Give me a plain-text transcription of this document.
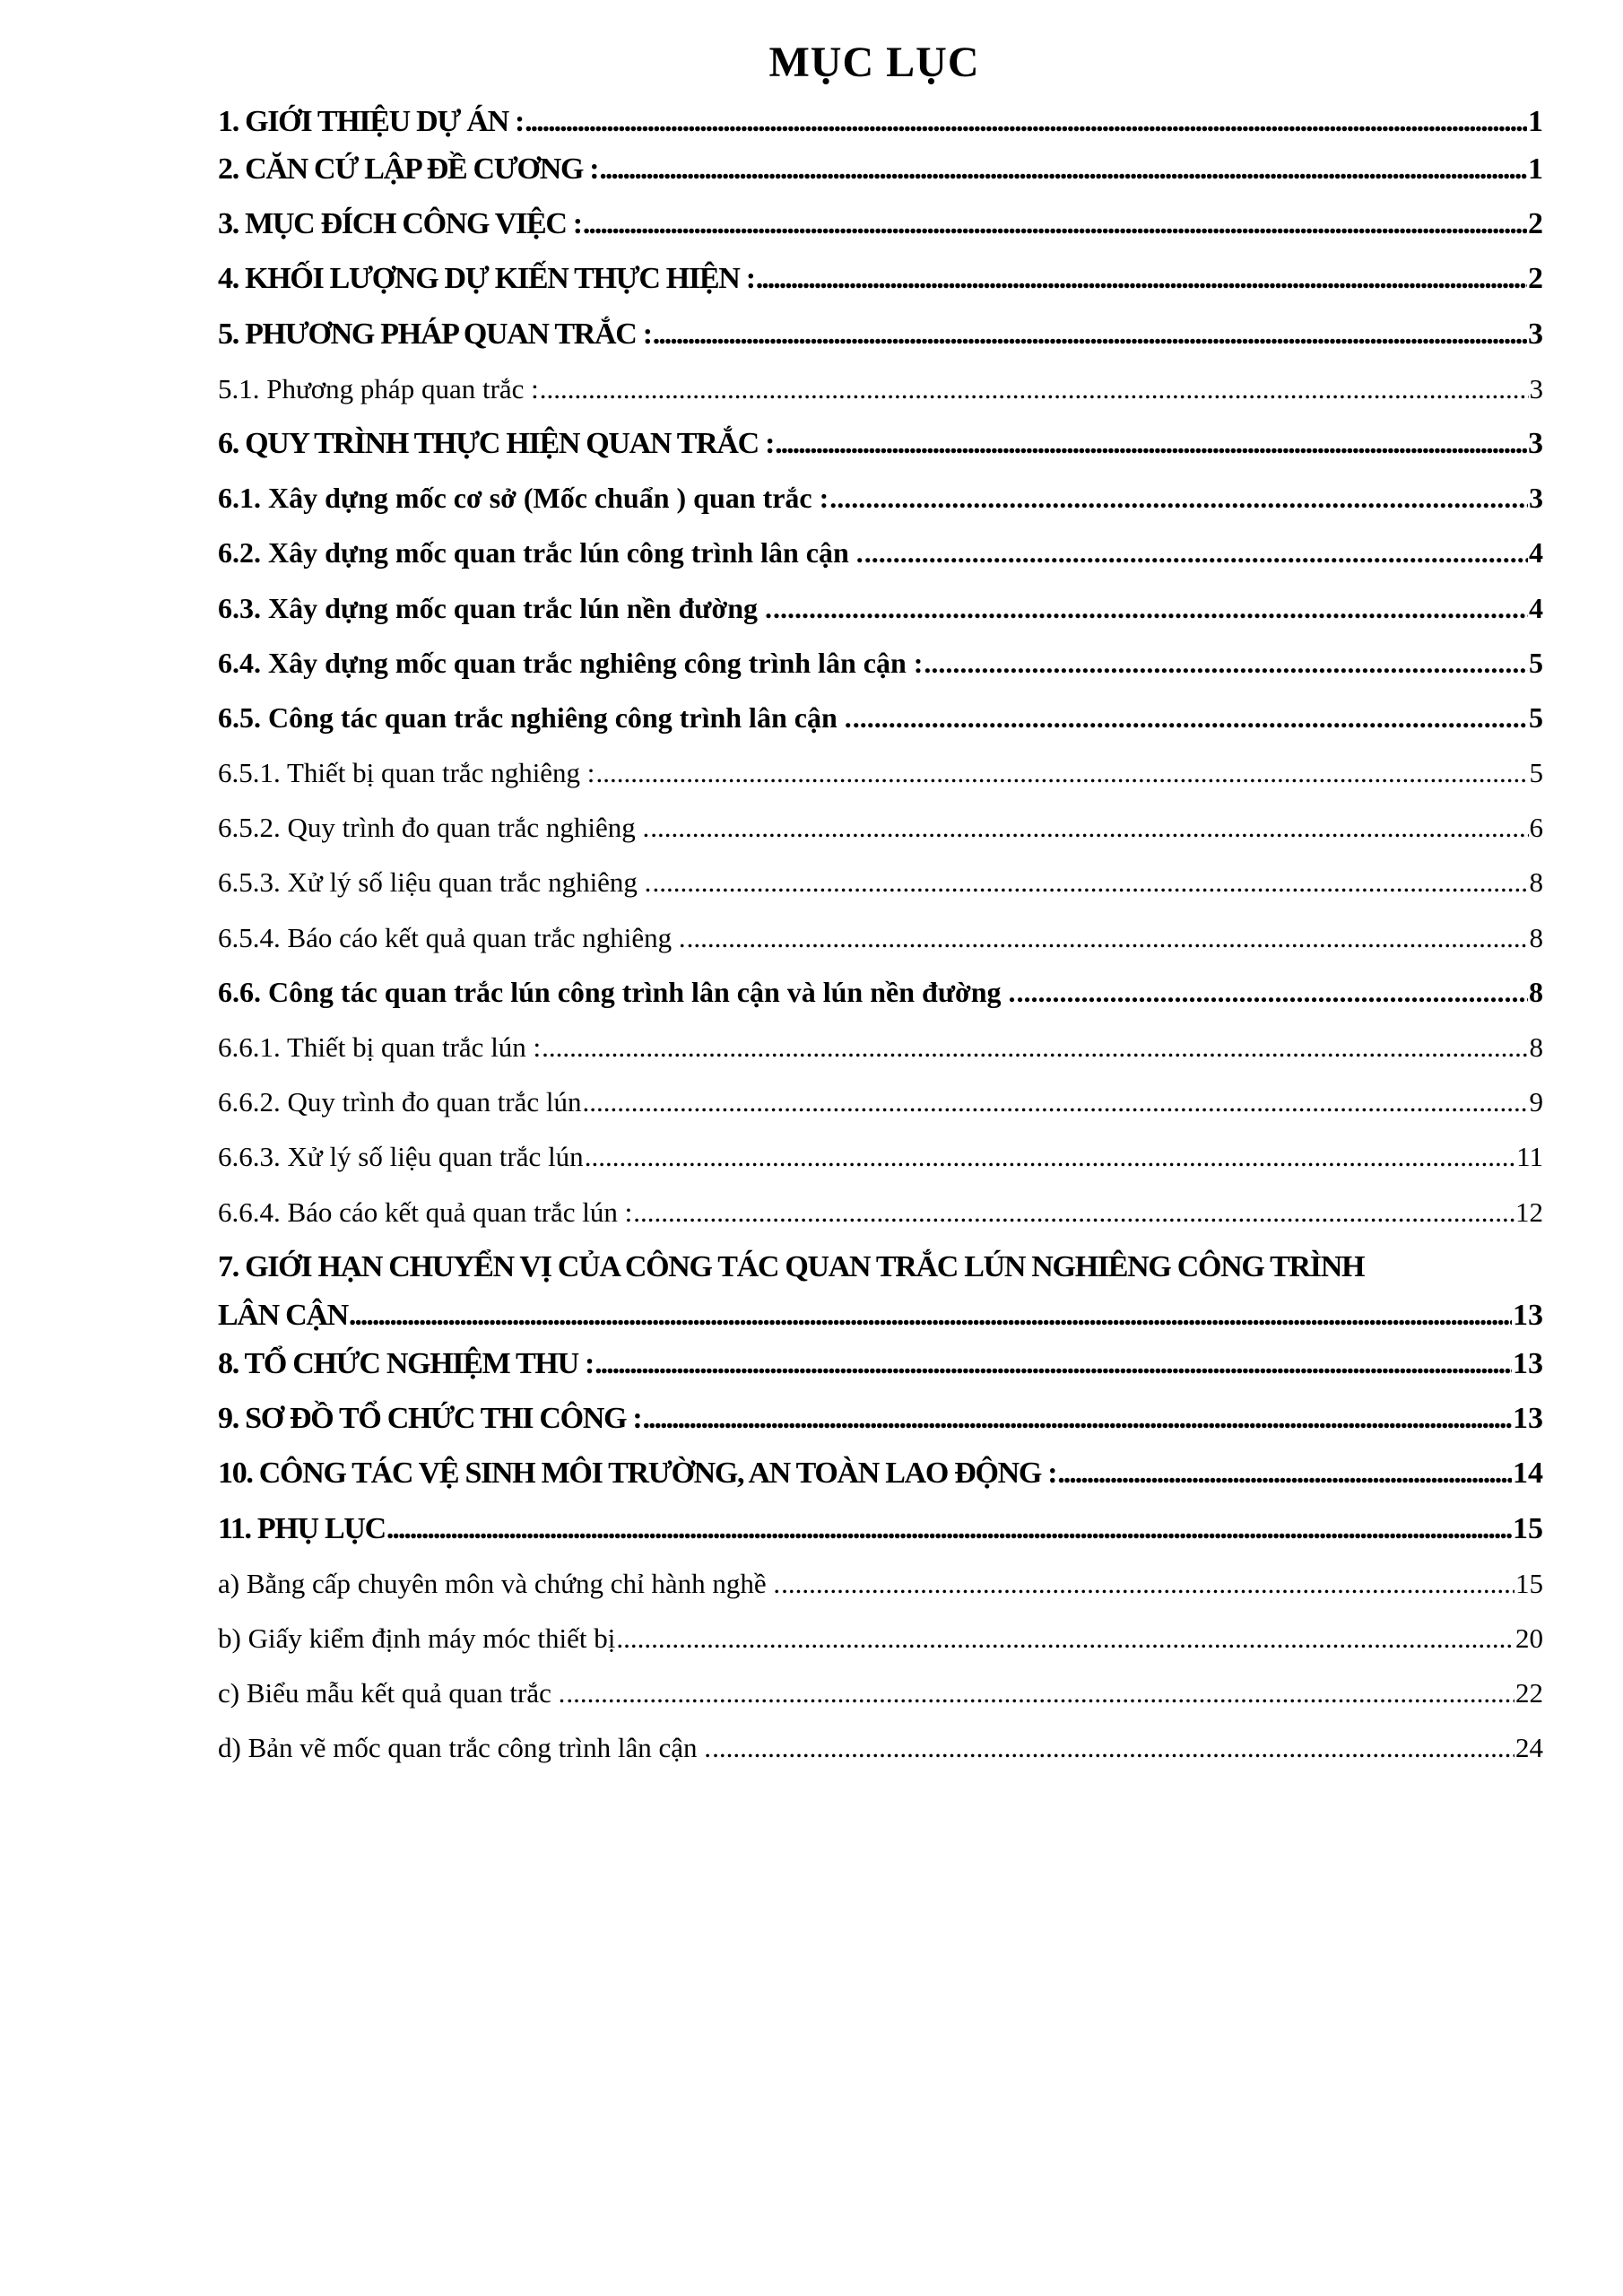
MỤC LỤC
1. GIỚI THIỆU DỰ ÁN : .....	1
2. CĂN CỨ LẬP ĐỀ CƯƠNG : .....	1
3. MỤC ĐÍCH CÔNG VIỆC : .....	2
4. KHỐI LƯỢNG DỰ KIẾN THỰC HIỆN : .....	2
5. PHƯƠNG PHÁP QUAN TRẮC : .....	3
5.1. Phương pháp quan trắc : .....	3
6. QUY TRÌNH THỰC HIỆN QUAN TRẮC : .....	3
6.1. Xây dựng mốc cơ sở (Mốc chuẩn ) quan trắc : .....	3
6.2. Xây dựng mốc quan trắc lún công trình lân cận . .....	4
6.3. Xây dựng mốc quan trắc lún nền đường . .....	4
6.4. Xây dựng mốc quan trắc nghiêng công trình lân cận : .....	5
6.5. Công tác quan trắc nghiêng công trình lân cận . .....	5
6.5.1. Thiết bị quan trắc nghiêng : .....	5
6.5.2. Quy trình đo quan trắc nghiêng . .....	6
6.5.3. Xử lý số liệu quan trắc nghiêng . .....	8
6.5.4. Báo cáo kết quả quan trắc nghiêng . .....	8
6.6. Công tác quan trắc lún công trình lân cận và lún nền đường . .....	8
6.6.1. Thiết bị quan trắc lún : .....	8
6.6.2. Quy trình đo quan trắc lún .....	9
6.6.3. Xử lý số liệu quan trắc lún .....	11
6.6.4. Báo cáo kết quả quan trắc lún : .....	12
7. GIỚI HẠN CHUYỂN VỊ CỦA CÔNG TÁC QUAN TRẮC LÚN NGHIÊNG CÔNG TRÌNH
LÂN CẬN .....	13
8. TỔ CHỨC NGHIỆM THU : .....	13
9. SƠ ĐỒ TỔ CHỨC THI CÔNG : .....	13
10. CÔNG TÁC VỆ SINH MÔI TRƯỜNG, AN TOÀN LAO ĐỘNG : .....	14
11. PHỤ LỤC .....	15
a) Bằng cấp chuyên môn và chứng chỉ hành nghề . .....	15
b) Giấy kiểm định máy móc thiết bị .....	20
c) Biểu mẫu kết quả quan trắc . .....	22
d) Bản vẽ mốc quan trắc công trình lân cận . .....	24
